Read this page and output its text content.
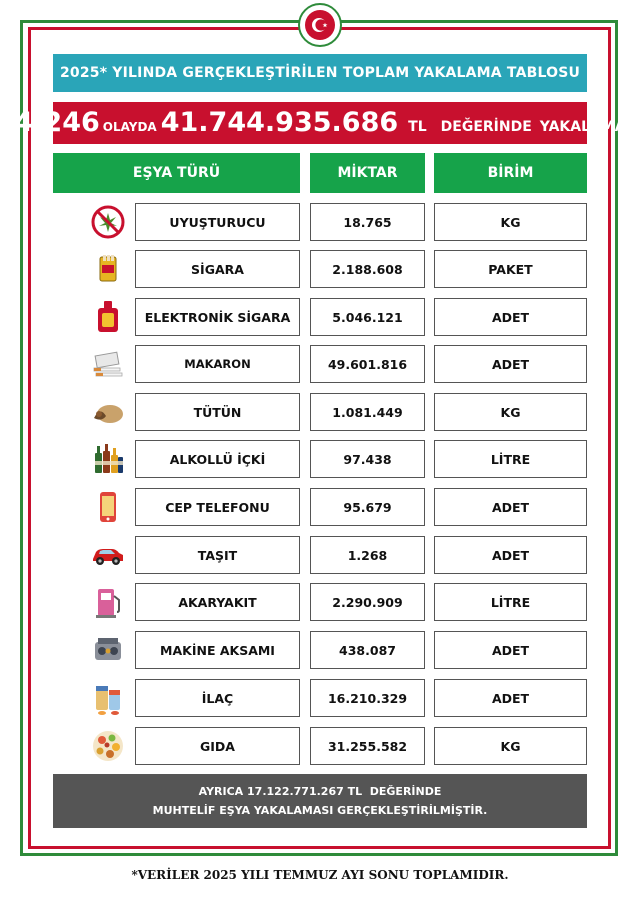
2025* YILINDA GERÇEKLEŞTİRİLEN TOPLAM YAKALAMA TABLOSU
4.246 OLAYDA 41.744.935.686 TL DEĞERİNDE YAKALAMA
EŞYA TÜRÜ	MİKTAR	BİRİM
UYUŞTURUCU	18.765	KG
SİGARA	2.188.608	PAKET
ELEKTRONİK SİGARA	5.046.121	ADET
MAKARON	49.601.816	ADET
TÜTÜN	1.081.449	KG
ALKOLLÜ İÇKİ	97.438	LİTRE
CEP TELEFONU	95.679	ADET
TAŞIT	1.268	ADET
AKARYAKIT	2.290.909	LİTRE
MAKİNE AKSAMI	438.087	ADET
İLAÇ	16.210.329	ADET
GIDA	31.255.582	KG
AYRICA 17.122.771.267 TL  DEĞERİNDE
MUHTELİF EŞYA YAKALAMASI GERÇEKLEŞTİRİLMİŞTİR.
*VERİLER 2025 YILI TEMMUZ AYI SONU TOPLAMIDIR.
